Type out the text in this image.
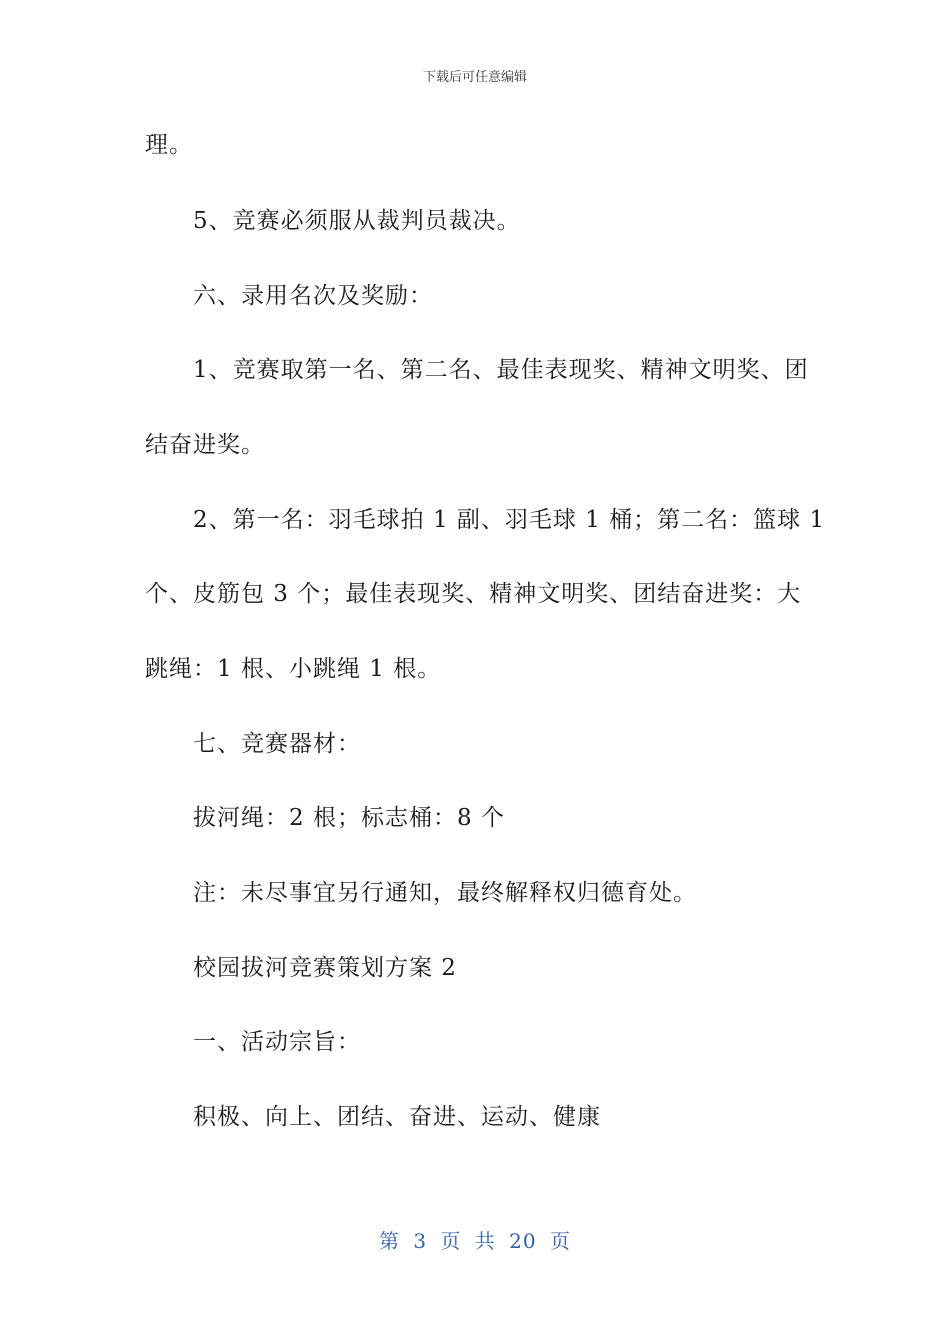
下载后可任意编辑
理。
5、竞赛必须服从裁判员裁决。
六、录用名次及奖励：
1、竞赛取第一名、第二名、最佳表现奖、精神文明奖、团
结奋进奖。
2、第一名：羽毛球拍 1 副、羽毛球 1 桶；第二名：篮球 1
个、皮筋包 3 个；最佳表现奖、精神文明奖、团结奋进奖：大
跳绳：1 根、小跳绳 1 根。
七、竞赛器材：
拔河绳：2 根；标志桶：8 个
注：未尽事宜另行通知，最终解释权归德育处。
校园拔河竞赛策划方案 2
一、活动宗旨：
积极、向上、团结、奋进、运动、健康
第 3 页 共 20 页
